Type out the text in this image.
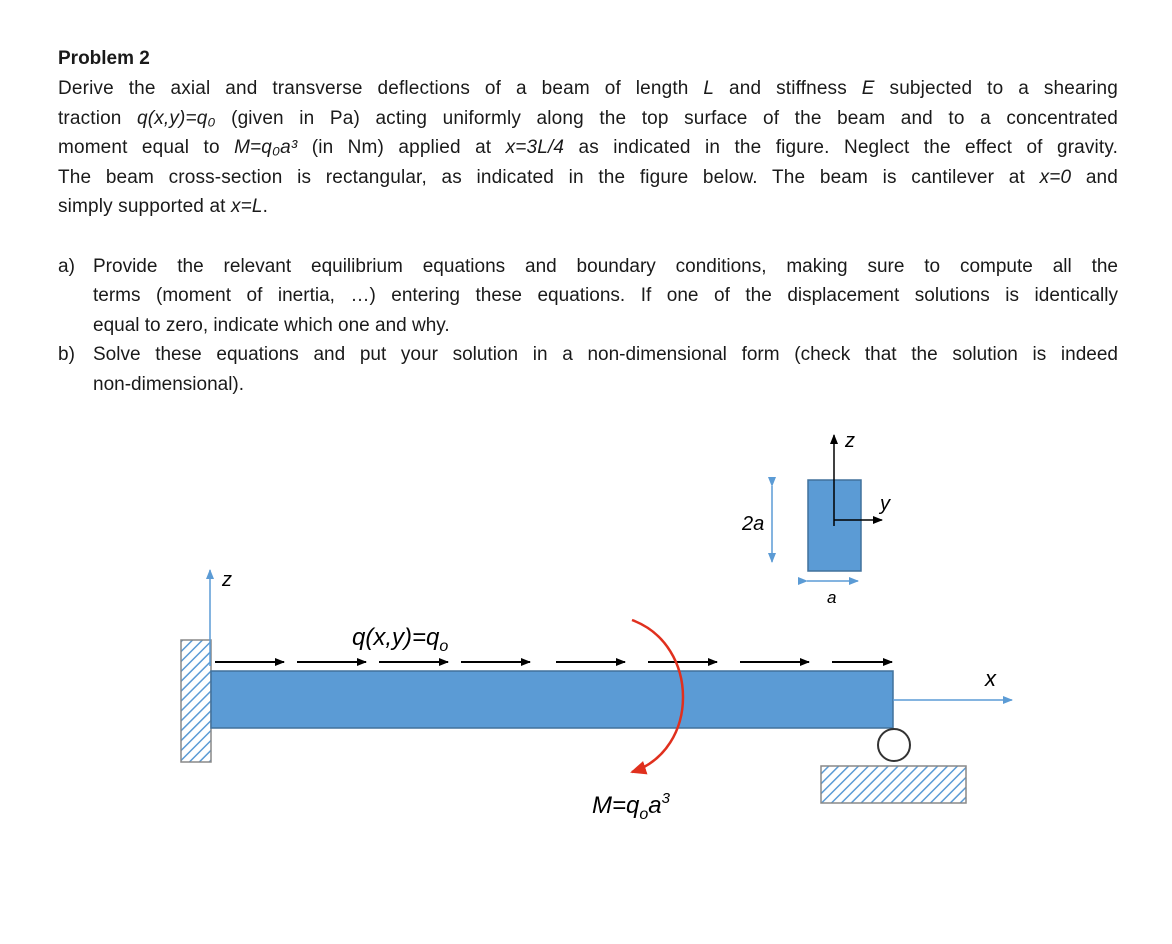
Problem 2
Derive the axial and transverse deflections of a beam of length L and stiffness E subjected to a shearing
traction q(x,y)=q₀ (given in Pa) acting uniformly along the top surface of the beam and to a concentrated
moment equal to M=q₀a³ (in Nm) applied at x=3L/4 as indicated in the figure. Neglect the effect of gravity.
The beam cross-section is rectangular, as indicated in the figure below. The beam is cantilever at x=0 and
simply supported at x=L.
a) Provide the relevant equilibrium equations and boundary conditions, making sure to compute all the
terms (moment of inertia, …) entering these equations. If one of the displacement solutions is identically
equal to zero, indicate which one and why.
b) Solve these equations and put your solution in a non-dimensional form (check that the solution is indeed
non-dimensional).
z
$q(x,y)=q_o$
$M=q_oa^3$
x
z
y
2a
a
